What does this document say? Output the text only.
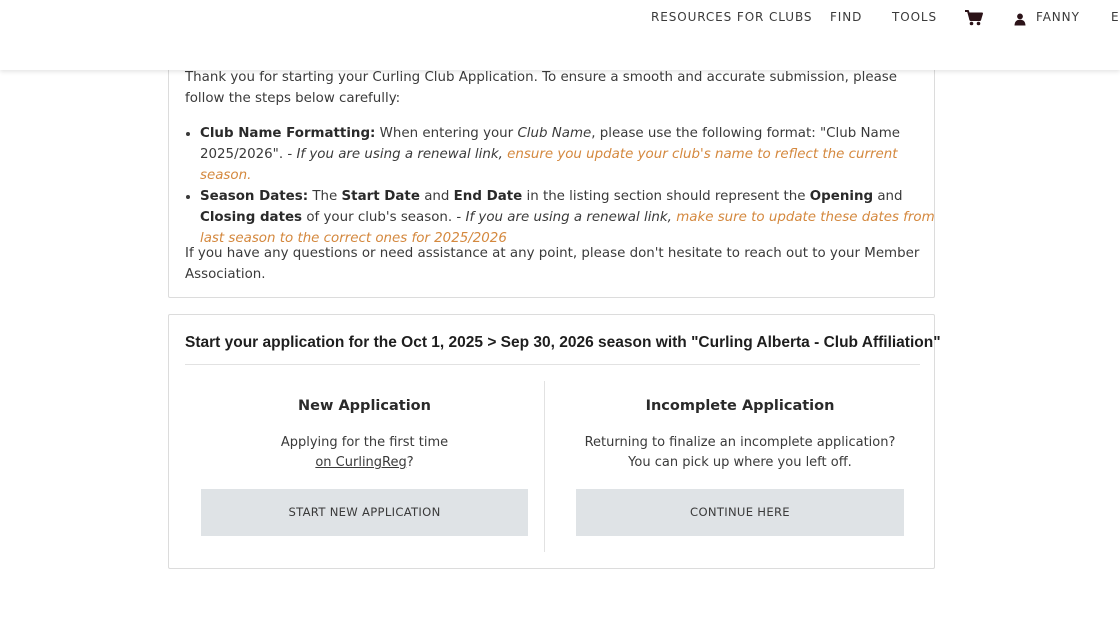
RESOURCES FOR CLUBS FIND TOOLS	FANNY	E
Thank you for starting your Curling Club Application. To ensure a smooth and accurate submission, please follow the steps below carefully:
• Club Name Formatting: When entering your Club Name, please use the following format: "Club Name 2025/2026". - If you are using a renewal link, ensure you update your club's name to reflect the current season.
• Season Dates: The Start Date and End Date in the listing section should represent the Opening and Closing dates of your club's season. - If you are using a renewal link, make sure to update these dates from last season to the correct ones for 2025/2026
If you have any questions or need assistance at any point, please don't hesitate to reach out to your Member Association.
Start your application for the Oct 1, 2025 > Sep 30, 2026 season with "Curling Alberta - Club Affiliation"
New Application
Applying for the first time
on CurlingReg?
START NEW APPLICATION
Incomplete Application
Returning to finalize an incomplete application? You can pick up where you left off.
CONTINUE HERE
